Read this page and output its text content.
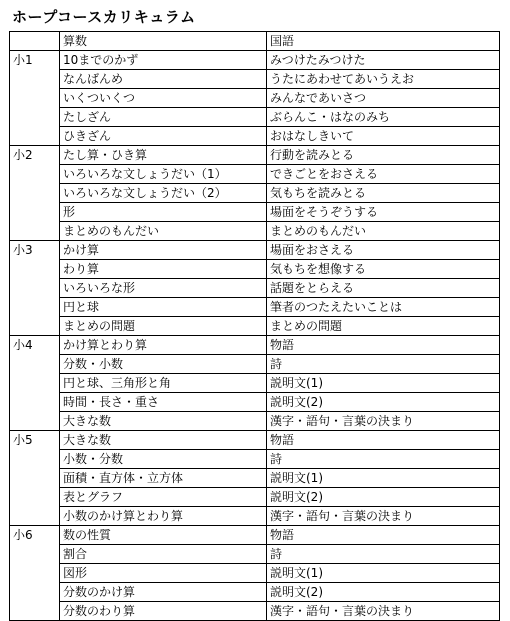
ホープコースカリキュラム
	算数	国語
小1	10までのかず	みつけたみつけた
	なんばんめ	うたにあわせてあいうえお
	いくついくつ	みんなであいさつ
	たしざん	ぶらんこ・はなのみち
	ひきざん	おはなしきいて
小2	たし算・ひき算	行動を読みとる
	いろいろな文しょうだい（1）	できごとをおさえる
	いろいろな文しょうだい（2）	気もちを読みとる
	形	場面をそうぞうする
	まとめのもんだい	まとめのもんだい
小3	かけ算	場面をおさえる
	わり算	気もちを想像する
	いろいろな形	話題をとらえる
	円と球	筆者のつたえたいことは
	まとめの問題	まとめの問題
小4	かけ算とわり算	物語
	分数・小数	詩
	円と球、三角形と角	説明文(1)
	時間・長さ・重さ	説明文(2)
	大きな数	漢字・語句・言葉の決まり
小5	大きな数	物語
	小数・分数	詩
	面積・直方体・立方体	説明文(1)
	表とグラフ	説明文(2)
	小数のかけ算とわり算	漢字・語句・言葉の決まり
小6	数の性質	物語
	割合	詩
	図形	説明文(1)
	分数のかけ算	説明文(2)
	分数のわり算	漢字・語句・言葉の決まり
